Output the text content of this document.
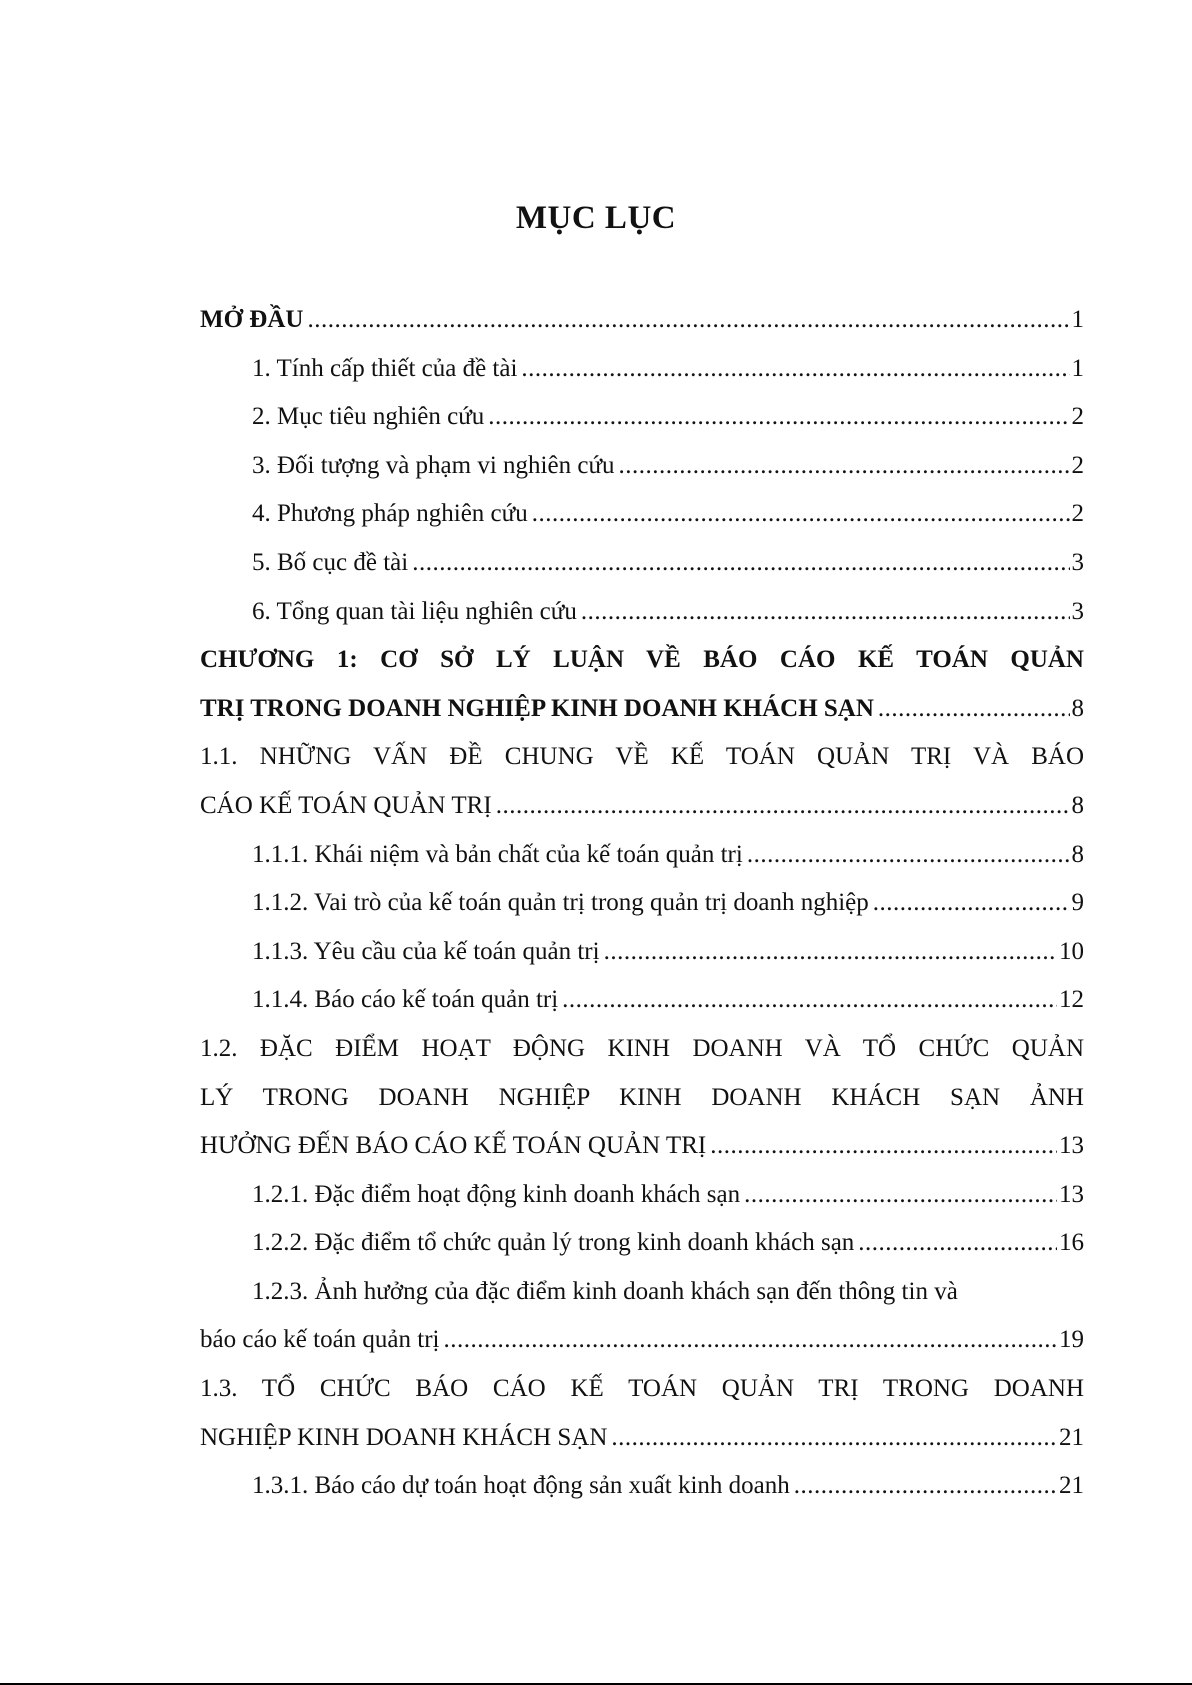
MỤC LỤC
MỞ ĐẦU .....	1
1. Tính cấp thiết của đề tài .....	1
2. Mục tiêu nghiên cứu .....	2
3. Đối tượng và phạm vi nghiên cứu .....	2
4. Phương pháp nghiên cứu .....	2
5. Bố cục đề tài .....	3
6. Tổng quan tài liệu nghiên cứu .....	3
CHƯƠNG 1: CƠ SỞ LÝ LUẬN VỀ BÁO CÁO KẾ TOÁN QUẢN
TRỊ TRONG DOANH NGHIỆP KINH DOANH KHÁCH SẠN .....	8
1.1. NHỮNG VẤN ĐỀ CHUNG VỀ KẾ TOÁN QUẢN TRỊ VÀ BÁO
CÁO KẾ TOÁN QUẢN TRỊ .....	8
1.1.1. Khái niệm và bản chất của kế toán quản trị .....	8
1.1.2. Vai trò của kế toán quản trị trong quản trị doanh nghiệp .....	9
1.1.3. Yêu cầu của kế toán quản trị .....	10
1.1.4. Báo cáo kế toán quản trị .....	12
1.2. ĐẶC ĐIỂM HOẠT ĐỘNG KINH DOANH VÀ TỔ CHỨC QUẢN
LÝ TRONG DOANH NGHIỆP KINH DOANH KHÁCH SẠN ẢNH
HƯỞNG ĐẾN BÁO CÁO KẾ TOÁN QUẢN TRỊ .....	13
1.2.1. Đặc điểm hoạt động kinh doanh khách sạn .....	13
1.2.2. Đặc điểm tổ chức quản lý trong kinh doanh khách sạn .....	16
1.2.3. Ảnh hưởng của đặc điểm kinh doanh khách sạn đến thông tin và
báo cáo kế toán quản trị .....	19
1.3. TỔ CHỨC BÁO CÁO KẾ TOÁN QUẢN TRỊ TRONG DOANH
NGHIỆP KINH DOANH KHÁCH SẠN .....	21
1.3.1. Báo cáo dự toán hoạt động sản xuất kinh doanh .....	21
